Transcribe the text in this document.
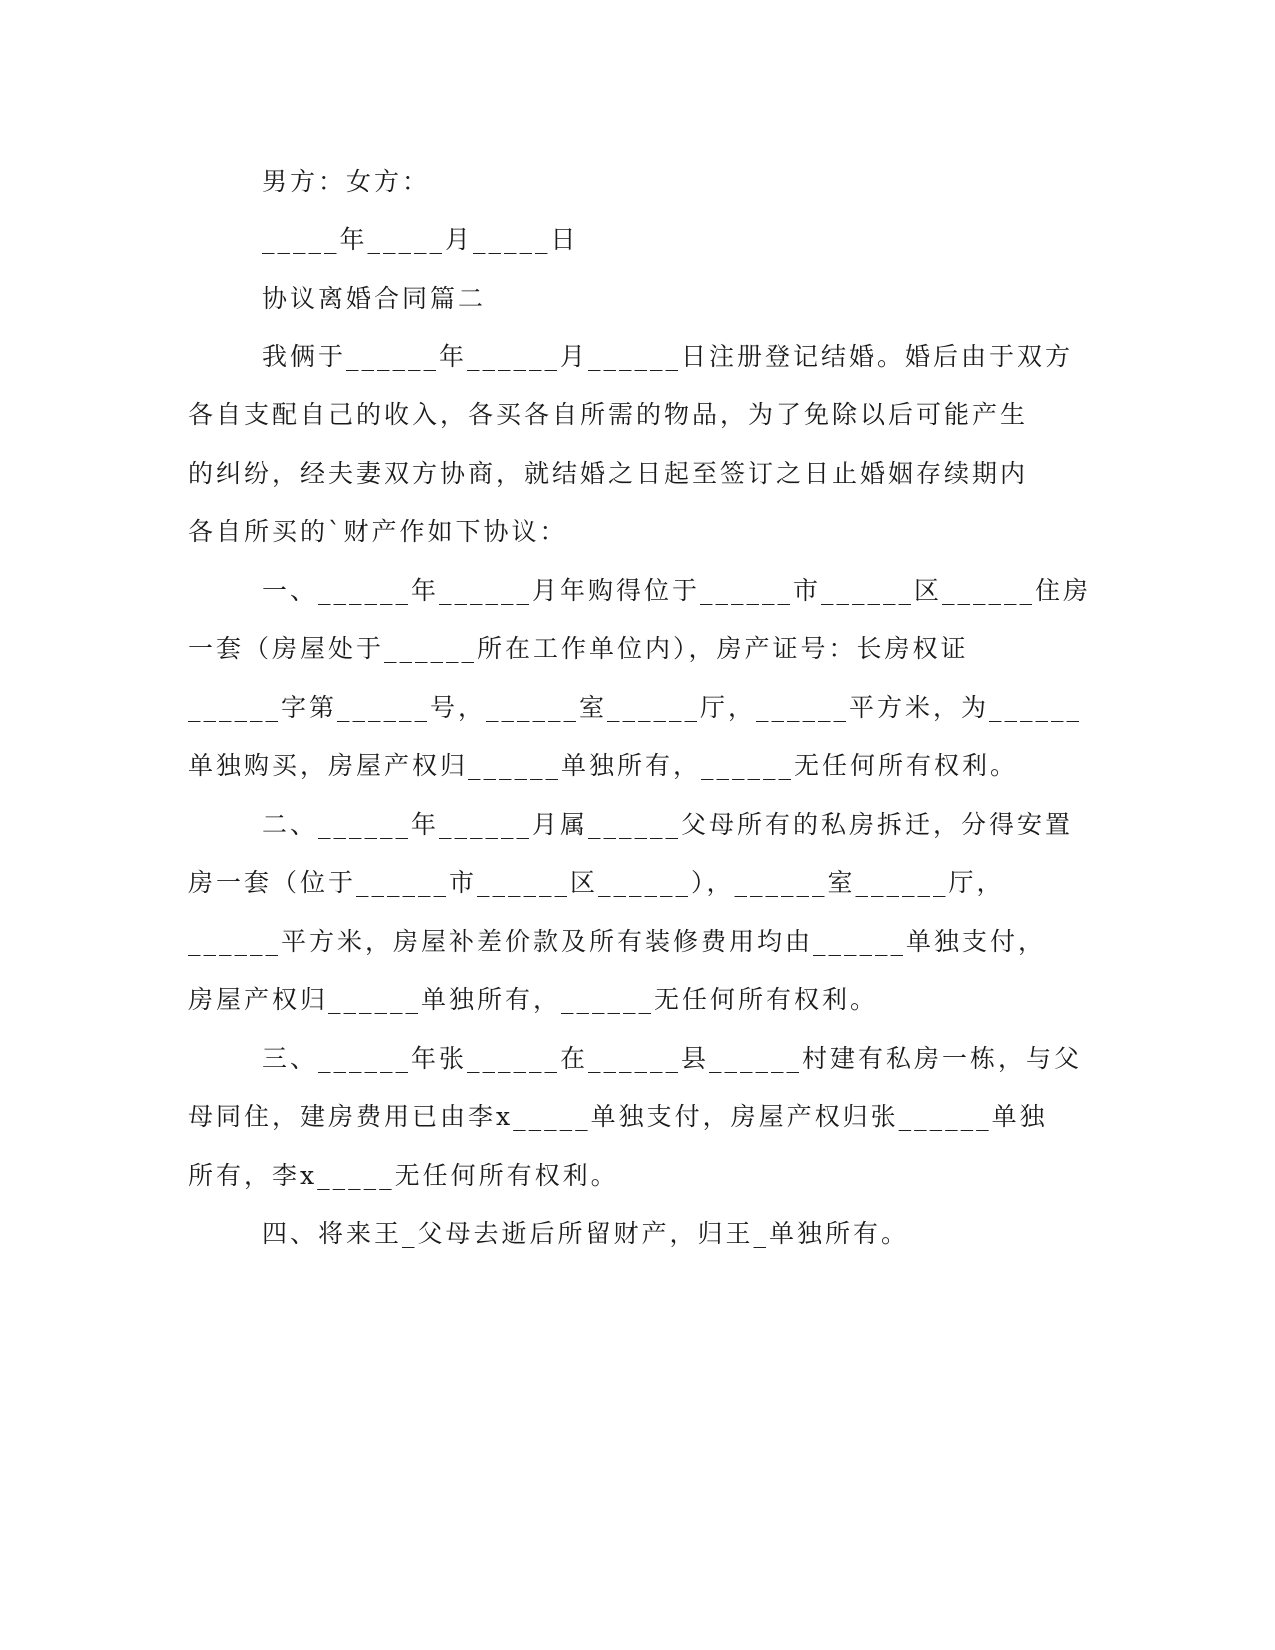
男方：女方：
_____年_____月_____日
协议离婚合同篇二
我俩于______年______月______日注册登记结婚。婚后由于双方
各自支配自己的收入，各买各自所需的物品，为了免除以后可能产生
的纠纷，经夫妻双方协商，就结婚之日起至签订之日止婚姻存续期内
各自所买的`财产作如下协议：
一、______年______月年购得位于______市______区______住房
一套（房屋处于______所在工作单位内），房产证号：长房权证
______字第______号，______室______厅，______平方米，为______
单独购买，房屋产权归______单独所有，______无任何所有权利。
二、______年______月属______父母所有的私房拆迁，分得安置
房一套（位于______市______区______），______室______厅，
______平方米，房屋补差价款及所有装修费用均由______单独支付，
房屋产权归______单独所有，______无任何所有权利。
三、______年张______在______县______村建有私房一栋，与父
母同住，建房费用已由李x_____单独支付，房屋产权归张______单独
所有，李x_____无任何所有权利。
四、将来王_父母去逝后所留财产，归王_单独所有。
